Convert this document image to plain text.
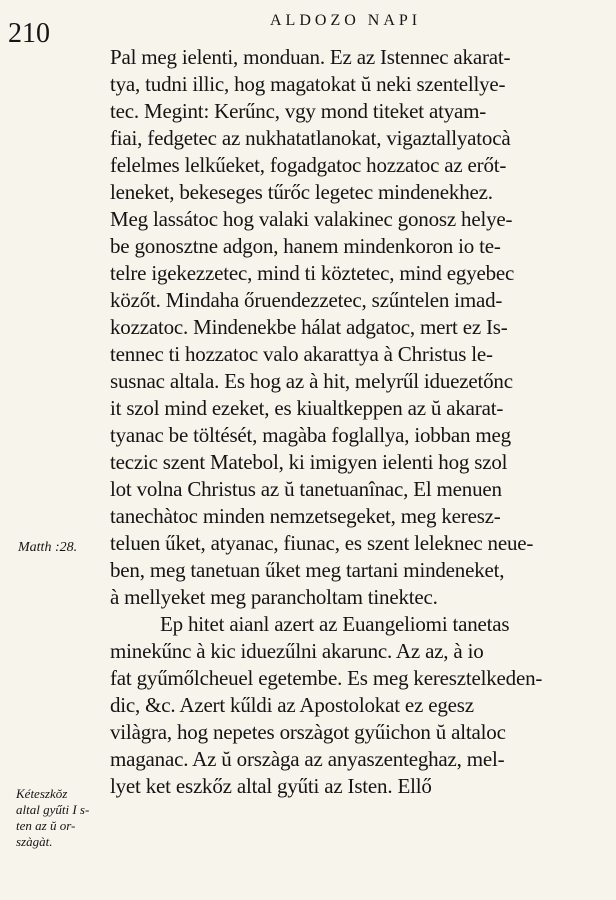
210	ALDOZO NAPI
Pal meg ielenti, monduan. Ez az Istennec akarat-
tya, tudni illic, hog magatokat ŭ neki szentellye-
tec. Megint: Kerűnc, vgy mond titeket atyam-
fiai, fedgetec az nukhatatlanokat, vigaztallyatocà
felelmes lelkűeket, fogadgatoc hozzatoc az erőt-
leneket, bekeseges tűrőc legetec mindenekhez.
Meg lassátoc hog valaki valakinec gonosz helye-
be gonosztne adgon, hanem mindenkoron io te-
telre igekezzetec, mind ti köztetec, mind egyebec
közőt. Mindaha őruendezzetec, szűntelen imad-
kozzatoc. Mindenekbe hálat adgatoc, mert ez Is-
tennec ti hozzatoc valo akarattya à Christus le-
susnac altala. Es hog az à hit, melyrűl iduezetőnc
it szol mind ezeket, es kiualtkeppen az ŭ akarat-
tyanac be töltését, magàba foglallya, iobban meg
teczic szent Matebol, ki imigyen ielenti hog szol
lot volna Christus az ŭ tanetuanînac, El menuen
tanechàtoc minden nemzetsegeket, meg keresz-
teluen űket, atyanac, fiunac, es szent leleknec neue-
ben, meg tanetuan űket meg tartani mindeneket,
à mellyeket meg parancholtam tinektec.
Ep hitet aianl azert az Euangeliomi tanetas
minekűnc à kic iduezűlni akarunc. Az az, à io
fat gyűmőlcheuel egetembe. Es meg keresztelkeden-
dic, &c. Azert kűldi az Apostolokat ez egesz
vilàgra, hog nepetes orszàgot gyűichon ŭ altaloc
maganac. Az ŭ orszàga az anyaszenteghaz, mel-
lyet ket eszkőz altal gyűti az Isten. Ellő
Matth :28.
Kéteszkŏz
altal gyűti I s-
ten az ŭ or-
szàgàt.
